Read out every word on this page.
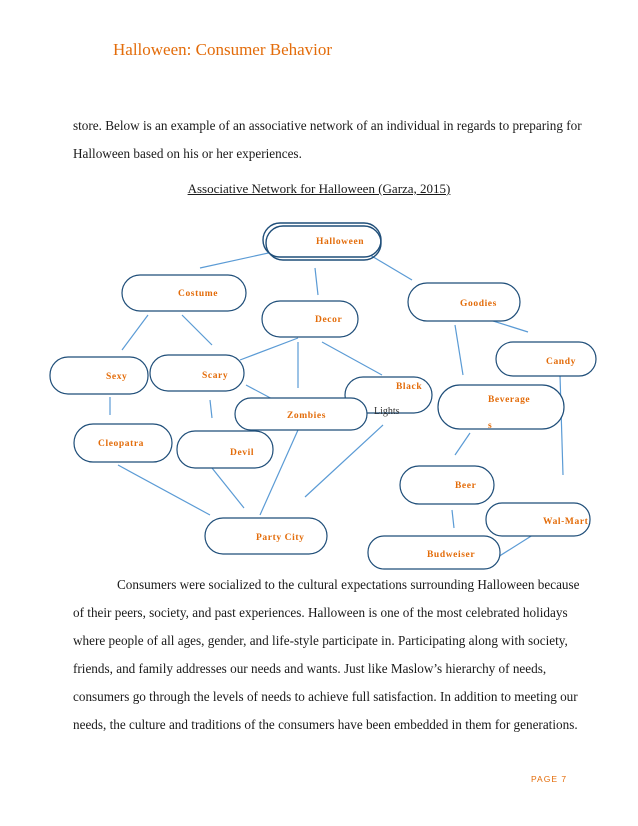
Halloween: Consumer Behavior
store. Below is an example of an associative network of an individual in regards to preparing for
Halloween based on his or her experiences.
Associative Network for Halloween (Garza, 2015)
Halloween
Costume
Decor
Goodies
Candy
Sexy	Scary
Black
Lights
Beverage
s
Zombies
Cleopatra
Devil
Beer
Wal-Mart
Party City
Budweiser
Consumers were socialized to the cultural expectations surrounding Halloween because
of their peers, society, and past experiences. Halloween is one of the most celebrated holidays
where people of all ages, gender, and life-style participate in. Participating along with society,
friends, and family addresses our needs and wants. Just like Maslow’s hierarchy of needs,
consumers go through the levels of needs to achieve full satisfaction. In addition to meeting our
needs, the culture and traditions of the consumers have been embedded in them for generations.
PAGE 7
